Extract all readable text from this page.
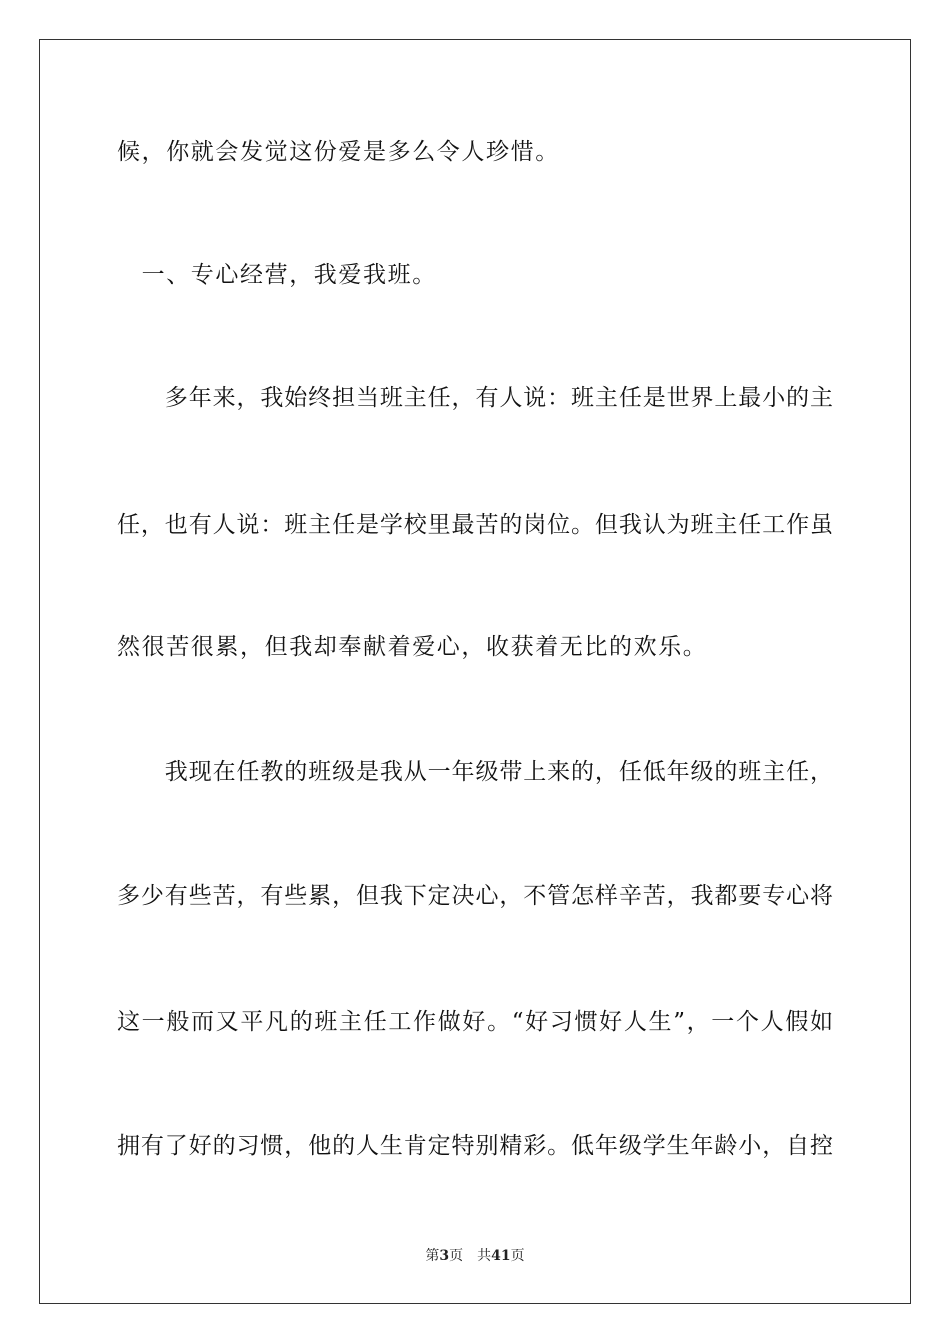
候，你就会发觉这份爱是多么令人珍惜。
　一、专心经营，我爱我班。
　　多年来，我始终担当班主任，有人说：班主任是世界上最小的主
任，也有人说：班主任是学校里最苦的岗位。但我认为班主任工作虽
然很苦很累，但我却奉献着爱心，收获着无比的欢乐。
　　我现在任教的班级是我从一年级带上来的，任低年级的班主任，
多少有些苦，有些累，但我下定决心，不管怎样辛苦，我都要专心将
这一般而又平凡的班主任工作做好。“好习惯好人生”，一个人假如
拥有了好的习惯，他的人生肯定特别精彩。低年级学生年龄小，自控
第3页 共41页
